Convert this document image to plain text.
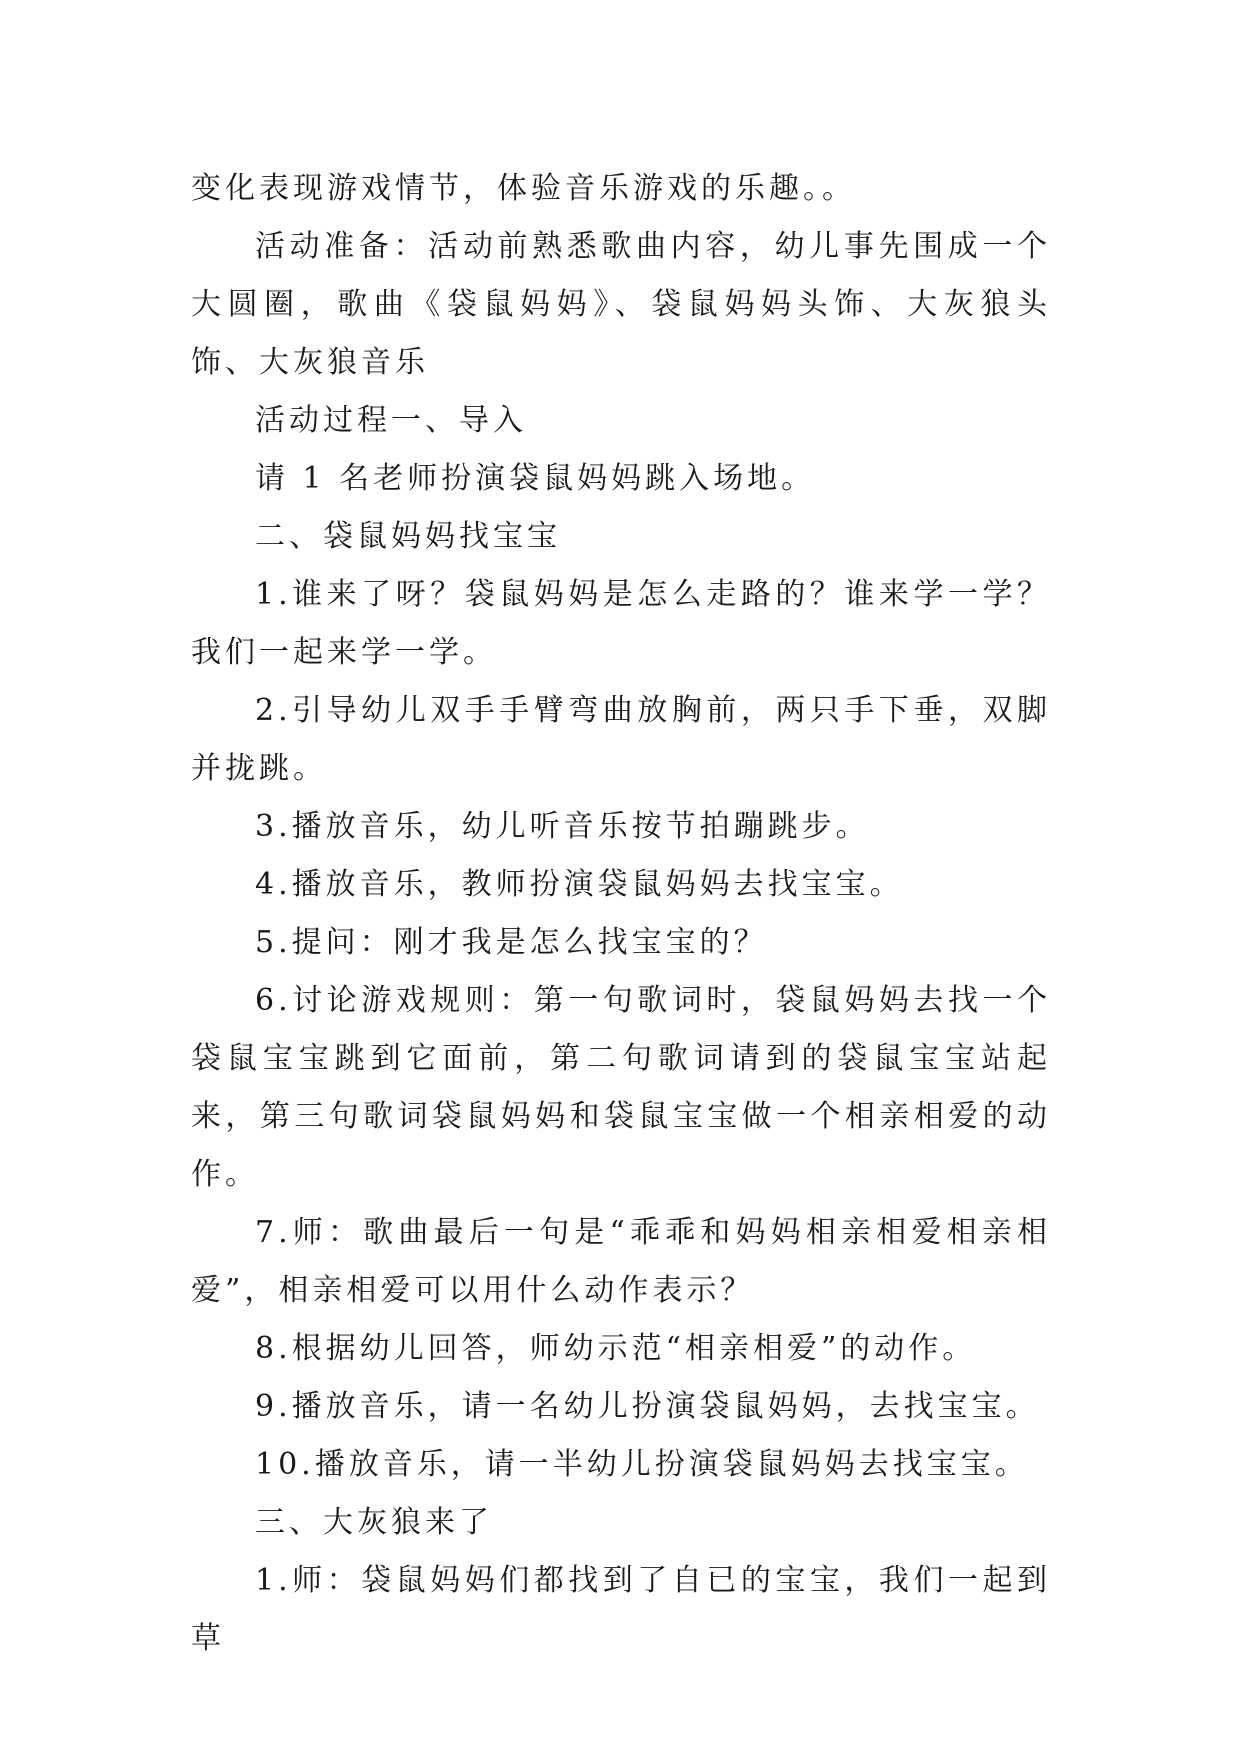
变化表现游戏情节，体验音乐游戏的乐趣。。

活动准备：活动前熟悉歌曲内容，幼儿事先围成一个大圆圈，歌曲《袋鼠妈妈》、袋鼠妈妈头饰、大灰狼头饰、大灰狼音乐

活动过程一、导入

请 1 名老师扮演袋鼠妈妈跳入场地。

二、袋鼠妈妈找宝宝

1.谁来了呀？袋鼠妈妈是怎么走路的？谁来学一学？我们一起来学一学。

2.引导幼儿双手手臂弯曲放胸前，两只手下垂，双脚并拢跳。

3.播放音乐，幼儿听音乐按节拍蹦跳步。

4.播放音乐，教师扮演袋鼠妈妈去找宝宝。

5.提问：刚才我是怎么找宝宝的？

6.讨论游戏规则：第一句歌词时，袋鼠妈妈去找一个袋鼠宝宝跳到它面前，第二句歌词请到的袋鼠宝宝站起来，第三句歌词袋鼠妈妈和袋鼠宝宝做一个相亲相爱的动作。

7.师：歌曲最后一句是“乖乖和妈妈相亲相爱相亲相爱”，相亲相爱可以用什么动作表示？

8.根据幼儿回答，师幼示范“相亲相爱”的动作。

9.播放音乐，请一名幼儿扮演袋鼠妈妈，去找宝宝。

10.播放音乐，请一半幼儿扮演袋鼠妈妈去找宝宝。

三、大灰狼来了

1.师：袋鼠妈妈们都找到了自已的宝宝，我们一起到草
